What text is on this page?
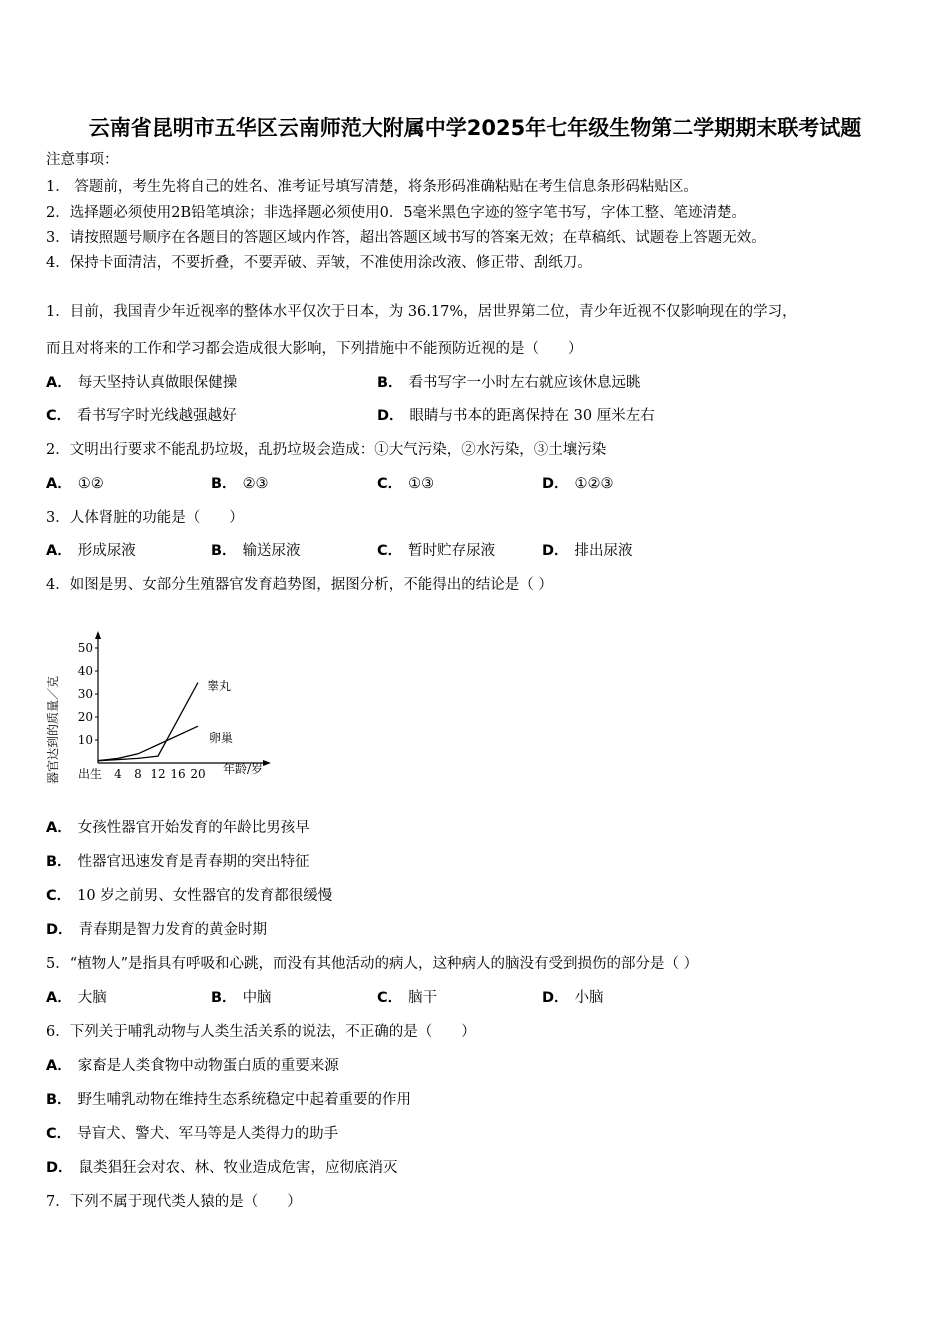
云南省昆明市五华区云南师范大附属中学2025年七年级生物第二学期期末联考试题
注意事项：
1． 答题前，考生先将自己的姓名、准考证号填写清楚，将条形码准确粘贴在考生信息条形码粘贴区。
2．选择题必须使用2B铅笔填涂；非选择题必须使用0．5毫米黑色字迹的签字笔书写，字体工整、笔迹清楚。
3．请按照题号顺序在各题目的答题区域内作答，超出答题区域书写的答案无效；在草稿纸、试题卷上答题无效。
4．保持卡面清洁，不要折叠，不要弄破、弄皱，不准使用涂改液、修正带、刮纸刀。
1．目前，我国青少年近视率的整体水平仅次于日本，为 36.17%，居世界第二位，青少年近视不仅影响现在的学习，
而且对将来的工作和学习都会造成很大影响，下列措施中不能预防近视的是（　　）
A． 每天坚持认真做眼保健操	B． 看书写字一小时左右就应该休息远眺
C． 看书写字时光线越强越好	D． 眼睛与书本的距离保持在 30 厘米左右
2．文明出行要求不能乱扔垃圾，乱扔垃圾会造成：①大气污染，②水污染，③土壤污染
A． ①②	B． ②③	C． ①③	D． ①②③
3．人体肾脏的功能是（　　）
A． 形成尿液	B． 输送尿液	C． 暂时贮存尿液	D． 排出尿液
4．如图是男、女部分生殖器官发育趋势图，据图分析，不能得出的结论是（ ）
10
20
30
40
50
出生 4 8 12 16 20
器官达到的质量／克	年龄/岁
睾丸
卵巢
A． 女孩性器官开始发育的年龄比男孩早
B． 性器官迅速发育是青春期的突出特征
C． 10 岁之前男、女性器官的发育都很缓慢
D． 青春期是智力发育的黄金时期
5．“植物人”是指具有呼吸和心跳，而没有其他活动的病人，这种病人的脑没有受到损伤的部分是（ ）
A． 大脑	B． 中脑	C． 脑干	D． 小脑
6．下列关于哺乳动物与人类生活关系的说法，不正确的是（　　）
A． 家畜是人类食物中动物蛋白质的重要来源
B． 野生哺乳动物在维持生态系统稳定中起着重要的作用
C． 导盲犬、警犬、军马等是人类得力的助手
D． 鼠类猖狂会对农、林、牧业造成危害，应彻底消灭
7．下列不属于现代类人猿的是（　　）
